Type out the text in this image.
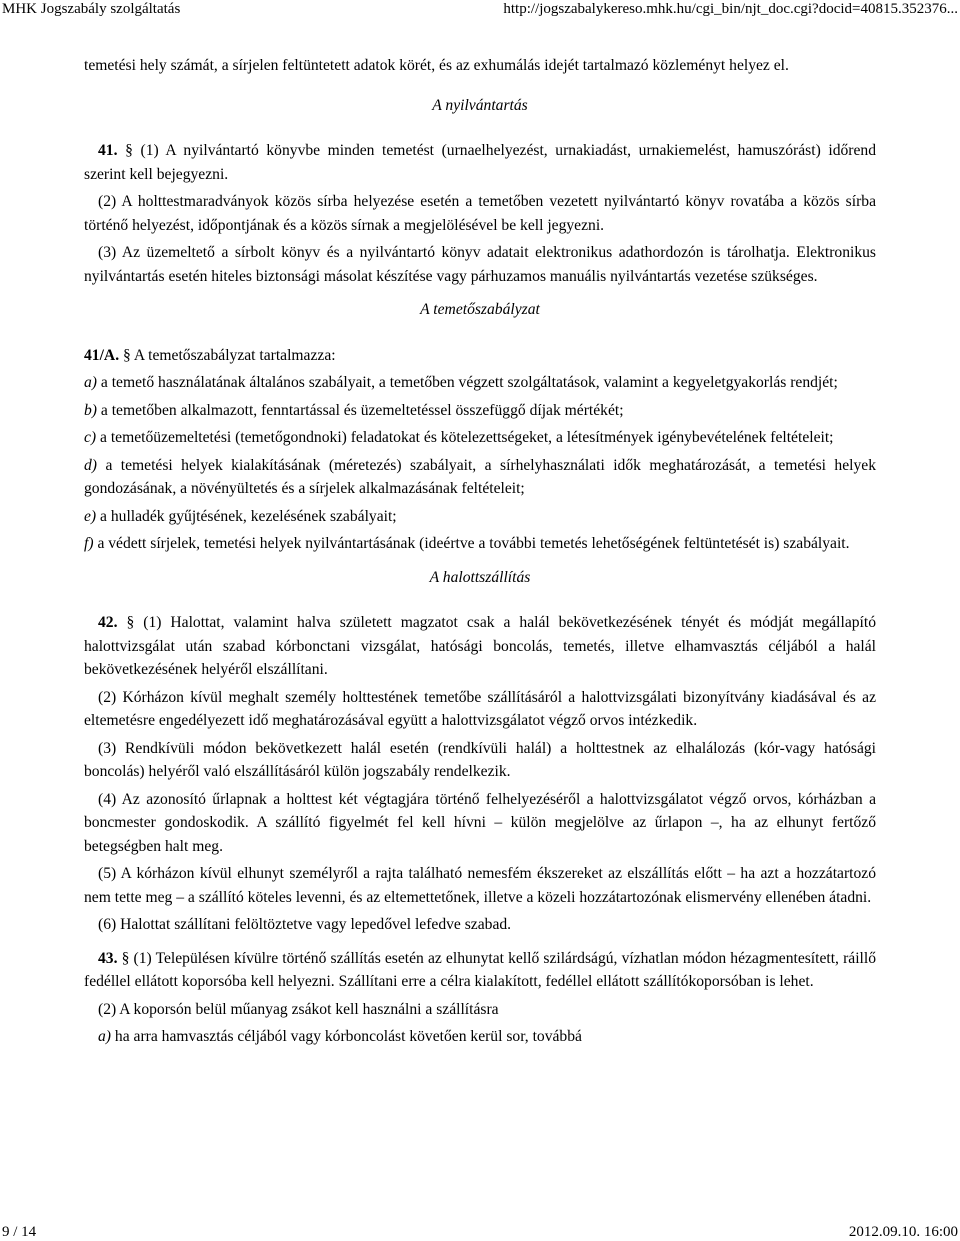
MHK Jogszabály szolgáltatás	http://jogszabalykereso.mhk.hu/cgi_bin/njt_doc.cgi?docid=40815.352376...

temetési hely számát, a sírjelen feltüntetett adatok körét, és az exhumálás idejét tartalmazó közleményt helyez el.

A nyilvántartás

41. § (1) A nyilvántartó könyvbe minden temetést (urnaelhelyezést, urnakiadást, urnakiemelést, hamuszórást) időrend szerint kell bejegyezni.

(2) A holttestmaradványok közös sírba helyezése esetén a temetőben vezetett nyilvántartó könyv rovatába a közös sírba történő helyezést, időpontjának és a közös sírnak a megjelölésével be kell jegyezni.

(3) Az üzemeltető a sírbolt könyv és a nyilvántartó könyv adatait elektronikus adathordozón is tárolhatja. Elektronikus nyilvántartás esetén hiteles biztonsági másolat készítése vagy párhuzamos manuális nyilvántartás vezetése szükséges.

A temetőszabályzat

41/A. § A temetőszabályzat tartalmazza:

a) a temető használatának általános szabályait, a temetőben végzett szolgáltatások, valamint a kegyeletgyakorlás rendjét;

b) a temetőben alkalmazott, fenntartással és üzemeltetéssel összefüggő díjak mértékét;

c) a temetőüzemeltetési (temetőgondnoki) feladatokat és kötelezettségeket, a létesítmények igénybevételének feltételeit;

d) a temetési helyek kialakításának (méretezés) szabályait, a sírhelyhasználati idők meghatározását, a temetési helyek gondozásának, a növényültetés és a sírjelek alkalmazásának feltételeit;

e) a hulladék gyűjtésének, kezelésének szabályait;

f) a védett sírjelek, temetési helyek nyilvántartásának (ideértve a további temetés lehetőségének feltüntetését is) szabályait.

A halottszállítás

42. § (1) Halottat, valamint halva született magzatot csak a halál bekövetkezésének tényét és módját megállapító halottvizsgálat után szabad kórbonctani vizsgálat, hatósági boncolás, temetés, illetve elhamvasztás céljából a halál bekövetkezésének helyéről elszállítani.

(2) Kórházon kívül meghalt személy holttestének temetőbe szállításáról a halottvizsgálati bizonyítvány kiadásával és az eltemetésre engedélyezett idő meghatározásával együtt a halottvizsgálatot végző orvos intézkedik.

(3) Rendkívüli módon bekövetkezett halál esetén (rendkívüli halál) a holttestnek az elhalálozás (kór-vagy hatósági boncolás) helyéről való elszállításáról külön jogszabály rendelkezik.

(4) Az azonosító űrlapnak a holttest két végtagjára történő felhelyezéséről a halottvizsgálatot végző orvos, kórházban a boncmester gondoskodik. A szállító figyelmét fel kell hívni – külön megjelölve az űrlapon –, ha az elhunyt fertőző betegségben halt meg.

(5) A kórházon kívül elhunyt személyről a rajta található nemesfém ékszereket az elszállítás előtt – ha azt a hozzátartozó nem tette meg – a szállító köteles levenni, és az eltemettetőnek, illetve a közeli hozzátartozónak elismervény ellenében átadni.

(6) Halottat szállítani felöltöztetve vagy lepedővel lefedve szabad.

43. § (1) Településen kívülre történő szállítás esetén az elhunytat kellő szilárdságú, vízhatlan módon hézagmentesített, ráillő fedéllel ellátott koporsóba kell helyezni. Szállítani erre a célra kialakított, fedéllel ellátott szállítókoporsóban is lehet.

(2) A koporsón belül műanyag zsákot kell használni a szállításra

a) ha arra hamvasztás céljából vagy kórboncolást követően kerül sor, továbbá

9 / 14	2012.09.10. 16:00
